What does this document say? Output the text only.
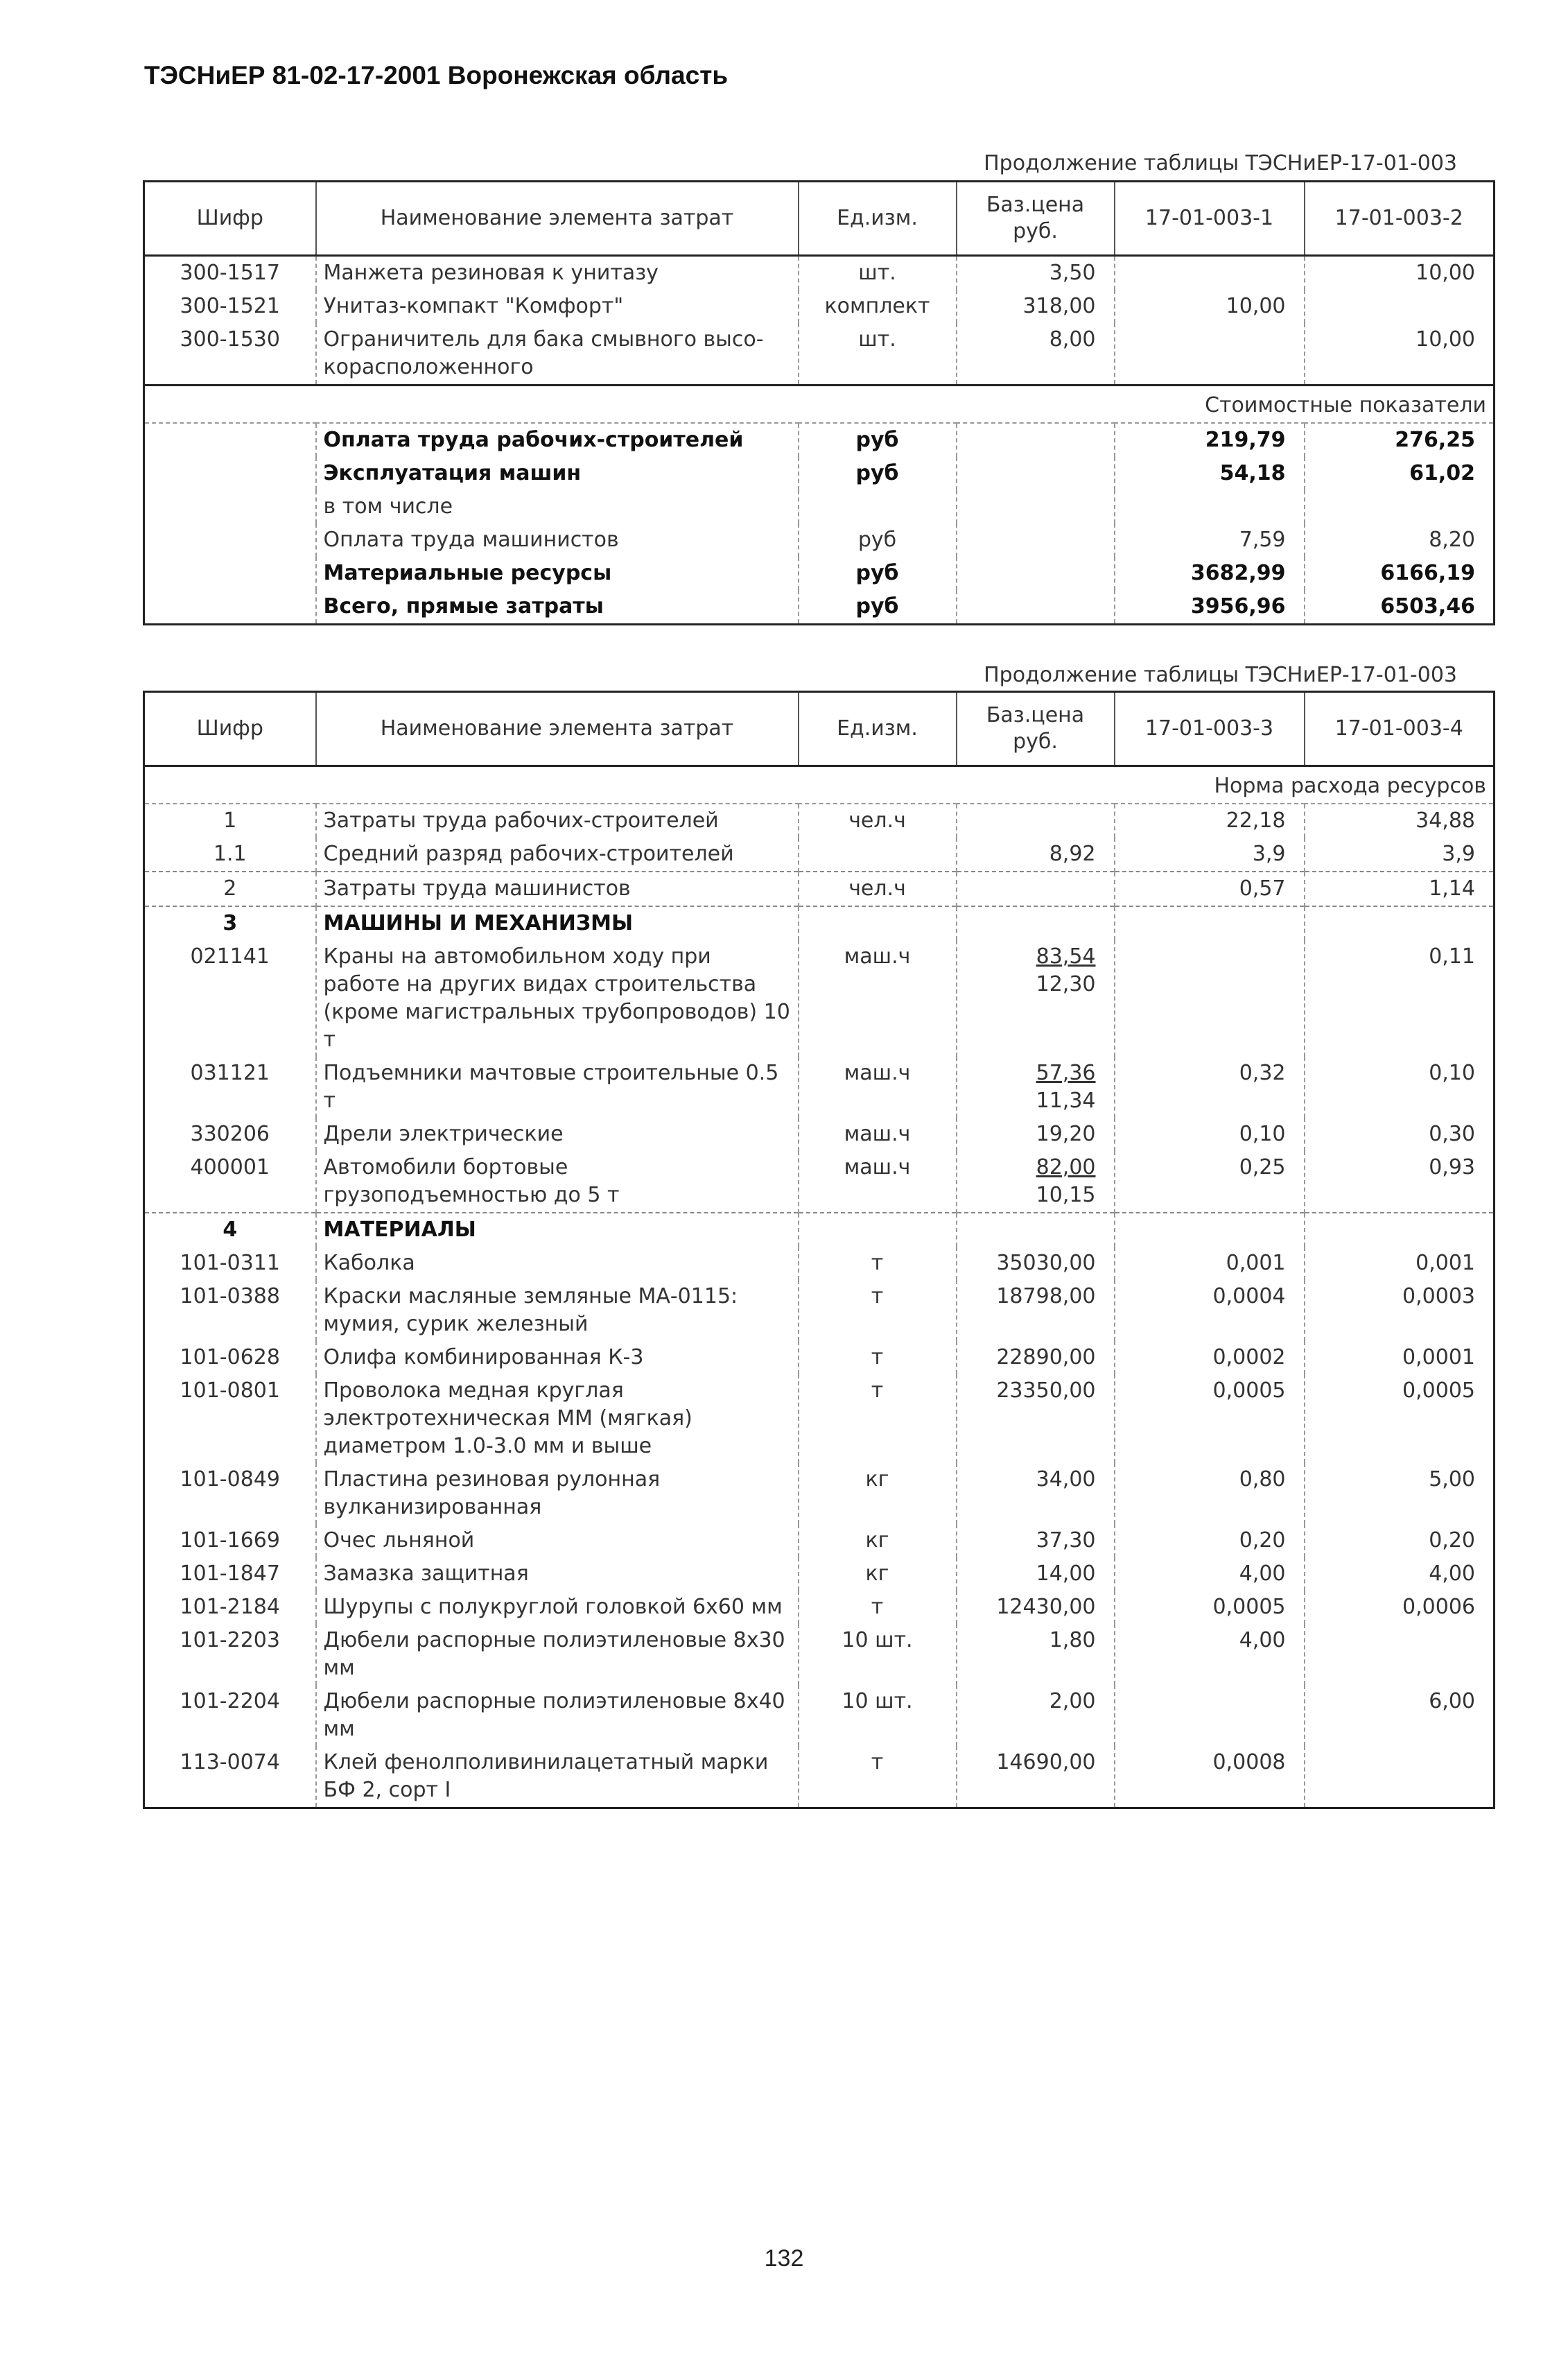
ТЭСНиЕР 81-02-17-2001 Воронежская область
Продолжение таблицы ТЭСНиЕР-17-01-003
Шифр	Наименование элемента затрат	Ед.изм.	Баз.цена руб.	17-01-003-1	17-01-003-2
300-1517	Манжета резиновая к унитазу	шт.	3,50		10,00
300-1521	Унитаз-компакт "Комфорт"	комплект	318,00	10,00	
300-1530	Ограничитель для бака смывного высо-корасположенного	шт.	8,00		10,00
Стоимостные показатели					
	Оплата труда рабочих-строителей	руб		219,79	276,25
	Эксплуатация машин	руб		54,18	61,02
	в том числе				
	Оплата труда машинистов	руб		7,59	8,20
	Материальные ресурсы	руб		3682,99	6166,19
	Всего, прямые затраты	руб		3956,96	6503,46
Продолжение таблицы ТЭСНиЕР-17-01-003
Шифр	Наименование элемента затрат	Ед.изм.	Баз.цена руб.	17-01-003-3	17-01-003-4
Норма расхода ресурсов					
1	Затраты труда рабочих-строителей	чел.ч		22,18	34,88
1.1	Средний разряд рабочих-строителей		8,92	3,9	3,9
2	Затраты труда машинистов	чел.ч		0,57	1,14
3	МАШИНЫ И МЕХАНИЗМЫ				
021141	Краны на автомобильном ходу при работе на других видах строительства (кроме магистральных трубопроводов) 10 т	маш.ч	83,54
12,30		0,11
031121	Подъемники мачтовые строительные 0.5 т	маш.ч	57,36
11,34	0,32	0,10
330206	Дрели электрические	маш.ч	19,20	0,10	0,30
400001	Автомобили бортовые грузоподъемностью до 5 т	маш.ч	82,00
10,15	0,25	0,93
4	МАТЕРИАЛЫ				
101-0311	Каболка	т	35030,00	0,001	0,001
101-0388	Краски масляные земляные МА-0115: мумия, сурик железный	т	18798,00	0,0004	0,0003
101-0628	Олифа комбинированная К-3	т	22890,00	0,0002	0,0001
101-0801	Проволока медная круглая электротехническая ММ (мягкая) диаметром 1.0-3.0 мм и выше	т	23350,00	0,0005	0,0005
101-0849	Пластина резиновая рулонная вулканизированная	кг	34,00	0,80	5,00
101-1669	Очес льняной	кг	37,30	0,20	0,20
101-1847	Замазка защитная	кг	14,00	4,00	4,00
101-2184	Шурупы с полукруглой головкой 6х60 мм	т	12430,00	0,0005	0,0006
101-2203	Дюбели распорные полиэтиленовые 8х30 мм	10 шт.	1,80	4,00	
101-2204	Дюбели распорные полиэтиленовые 8х40 мм	10 шт.	2,00		6,00
113-0074	Клей фенолполивинилацетатный марки БФ 2, сорт I	т	14690,00	0,0008	
132
